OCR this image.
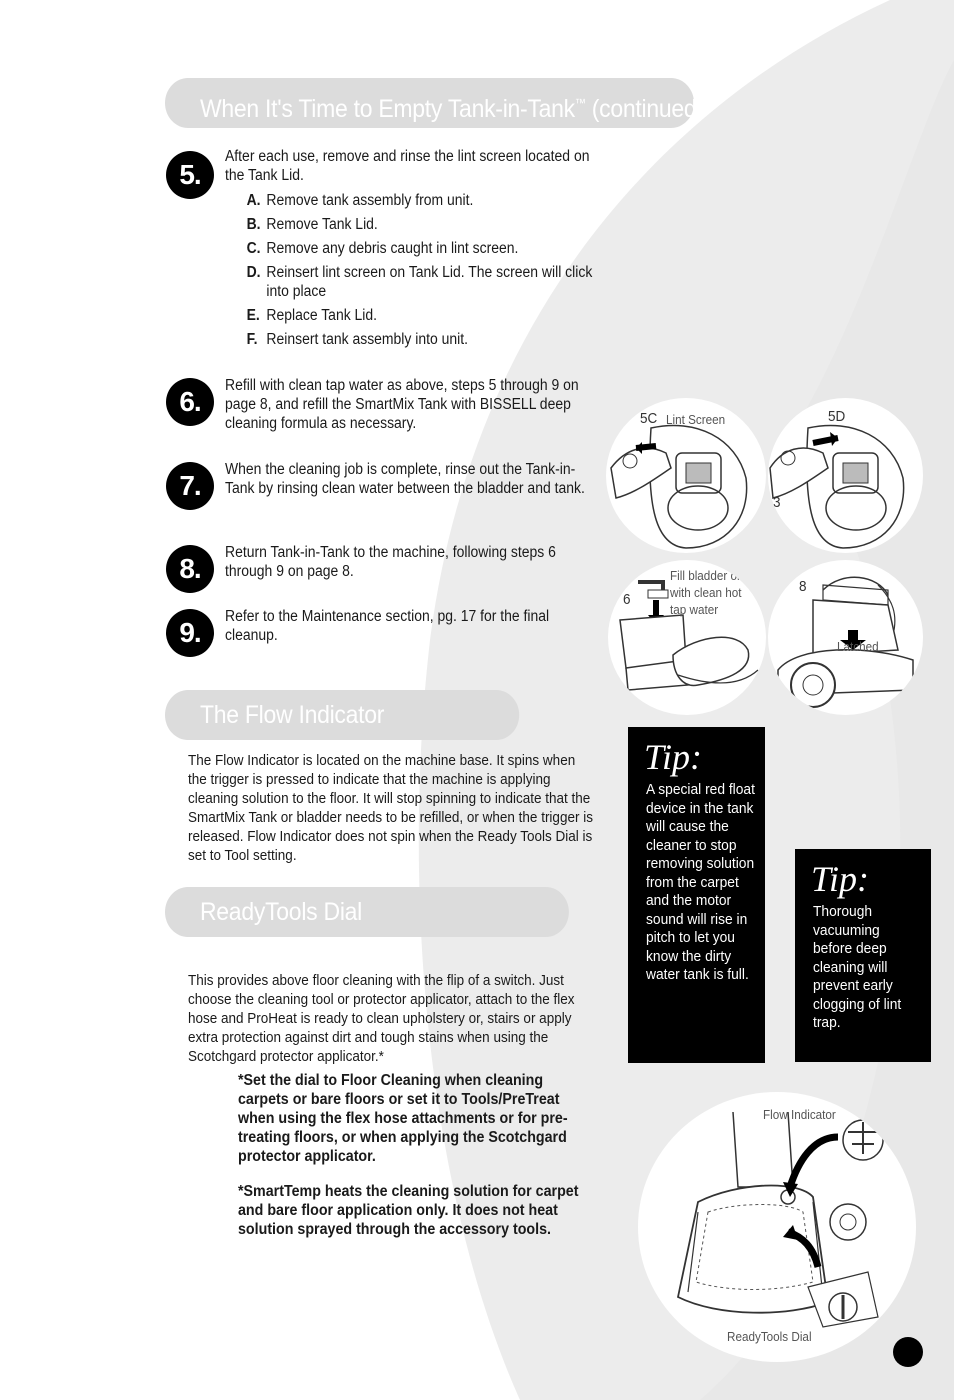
When It's Time to Empty Tank-in-Tank™ (continued)
5.
After each use, remove and rinse the lint screen located on the Tank Lid.
A. Remove tank assembly from unit.
B. Remove Tank Lid.
C. Remove any debris caught in lint screen.
D. Reinsert lint screen on Tank Lid. The screen will click into place
E. Replace Tank Lid.
F. Reinsert tank assembly into unit.
6.
Refill with clean tap water as above, steps 5 through 9 on page 8, and refill the SmartMix Tank with BISSELL deep cleaning formula as necessary.
7.
When the cleaning job is complete, rinse out the Tank-in-Tank by rinsing clean water between the bladder and tank.
8.
Return Tank-in-Tank to the machine, following steps 6 through 9 on page 8.
9.
Refer to the Maintenance section, pg. 17 for the final cleanup.
The Flow Indicator
The Flow Indicator is located on the machine base. It spins when the trigger is pressed to indicate that the machine is applying cleaning solution to the floor. It will stop spinning to indicate that the SmartMix Tank or bladder needs to be refilled, or when the trigger is released. Flow Indicator does not spin when the Ready Tools Dial is set to Tool setting.
ReadyTools Dial
This provides above floor cleaning with the flip of a switch. Just choose the cleaning tool or protector applicator, attach to the flex hose and ProHeat is ready to clean upholstery or, stairs or apply extra protection against dirt and tough stains when using the Scotchgard protector applicator.*
*Set the dial to Floor Cleaning when cleaning carpets or bare floors or set it to Tools/PreTreat when using the flex hose attachments or for pre-treating floors, or when applying the Scotchgard protector applicator.
*SmartTemp heats the cleaning solution for carpet and bare floor application only. It does not heat solution sprayed through the accessory tools.
5C Lint Screen	5D
3
6
Fill bladder only with clean hot tap water
8
Latched
Tip:
A special red float device in the tank will cause the cleaner to stop removing solution from the carpet and the motor sound will rise in pitch to let you know the dirty water tank is full.
Tip:
Thorough vacuuming before deep cleaning will prevent early clogging of lint trap.
Flow Indicator
ReadyTools Dial
